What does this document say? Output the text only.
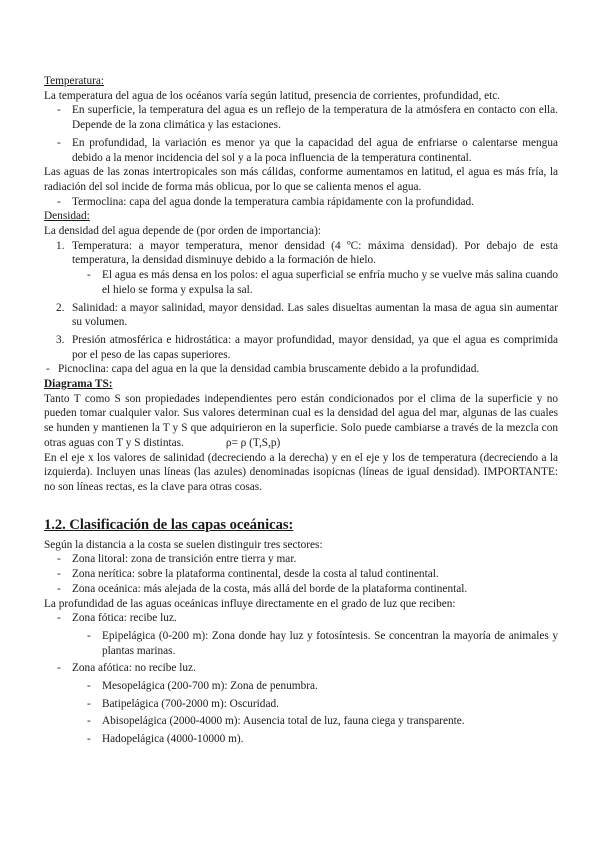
Temperatura:

La temperatura del agua de los océanos varía según latitud, presencia de corrientes, profundidad, etc.

- En superficie, la temperatura del agua es un reflejo de la temperatura de la atmósfera en contacto con ella. Depende de la zona climática y las estaciones.
- En profundidad, la variación es menor ya que la capacidad del agua de enfriarse o calentarse mengua debido a la menor incidencia del sol y a la poca influencia de la temperatura continental.

Las aguas de las zonas intertropicales son más cálidas, conforme aumentamos en latitud, el agua es más fría, la radiación del sol incide de forma más oblicua, por lo que se calienta menos el agua.

- Termoclina: capa del agua donde la temperatura cambia rápidamente con la profundidad.
Densidad:

La densidad del agua depende de (por orden de importancia):

1. Temperatura: a mayor temperatura, menor densidad (4 ºC: máxima densidad). Por debajo de esta temperatura, la densidad disminuye debido a la formación de hielo.
- El agua es más densa en los polos: el agua superficial se enfría mucho y se vuelve más salina cuando el hielo se forma y expulsa la sal.
2. Salinidad: a mayor salinidad, mayor densidad. Las sales disueltas aumentan la masa de agua sin aumentar su volumen.
3. Presión atmosférica e hidrostática: a mayor profundidad, mayor densidad, ya que el agua es comprimida por el peso de las capas superiores.
- Picnoclina: capa del agua en la que la densidad cambia bruscamente debido a la profundidad.
Diagrama TS:

Tanto T como S son propiedades independientes pero están condicionados por el clima de la superficie y no pueden tomar cualquier valor. Sus valores determinan cual es la densidad del agua del mar, algunas de las cuales se hunden y mantienen la T y S que adquirieron en la superficie. Solo puede cambiarse a través de la mezcla con otras aguas con T y S distintas.	ρ= ρ (T,S,p)

En el eje x los valores de salinidad (decreciendo a la derecha) y en el eje y los de temperatura (decreciendo a la izquierda). Incluyen unas líneas (las azules) denominadas isopicnas (líneas de igual densidad). IMPORTANTE: no son líneas rectas, es la clave para otras cosas.

1.2. Clasificación de las capas oceánicas:

Según la distancia a la costa se suelen distinguir tres sectores:

- Zona litoral: zona de transición entre tierra y mar.
- Zona nerítica: sobre la plataforma continental, desde la costa al talud continental.
- Zona oceánica: más alejada de la costa, más allá del borde de la plataforma continental.

La profundidad de las aguas oceánicas influye directamente en el grado de luz que reciben:

- Zona fótica: recibe luz.
- Epipelágica (0-200 m): Zona donde hay luz y fotosíntesis. Se concentran la mayoría de animales y plantas marinas.
- Zona afótica: no recibe luz.
- Mesopelágica (200-700 m): Zona de penumbra.
- Batipelágica (700-2000 m): Oscuridad.
- Abisopelágica (2000-4000 m): Ausencia total de luz, fauna ciega y transparente.
- Hadopelágica (4000-10000 m).
